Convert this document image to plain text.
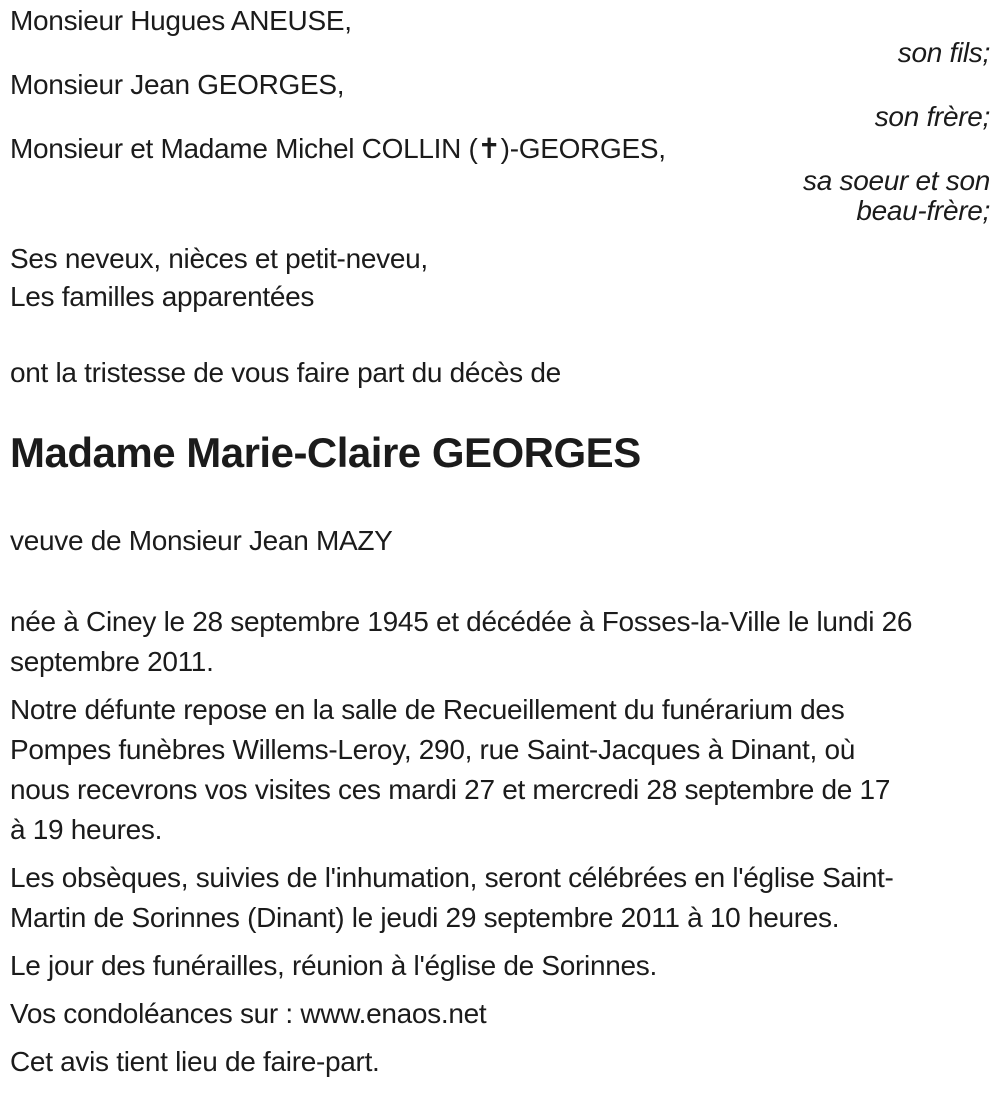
Monsieur Hugues ANEUSE,
son fils;
Monsieur Jean GEORGES,
son frère;
Monsieur et Madame Michel COLLIN (✝)-GEORGES,
sa soeur et son
beau-frère;
Ses neveux, nièces et petit-neveu,
Les familles apparentées

ont la tristesse de vous faire part du décès de

Madame Marie-Claire GEORGES

veuve de Monsieur Jean MAZY

née à Ciney le 28 septembre 1945 et décédée à Fosses-la-Ville le lundi 26
septembre 2011.
Notre défunte repose en la salle de Recueillement du funérarium des
Pompes funèbres Willems-Leroy, 290, rue Saint-Jacques à Dinant, où
nous recevrons vos visites ces mardi 27 et mercredi 28 septembre de 17
à 19 heures.
Les obsèques, suivies de l'inhumation, seront célébrées en l'église Saint-
Martin de Sorinnes (Dinant) le jeudi 29 septembre 2011 à 10 heures.
Le jour des funérailles, réunion à l'église de Sorinnes.
Vos condoléances sur : www.enaos.net
Cet avis tient lieu de faire-part.
